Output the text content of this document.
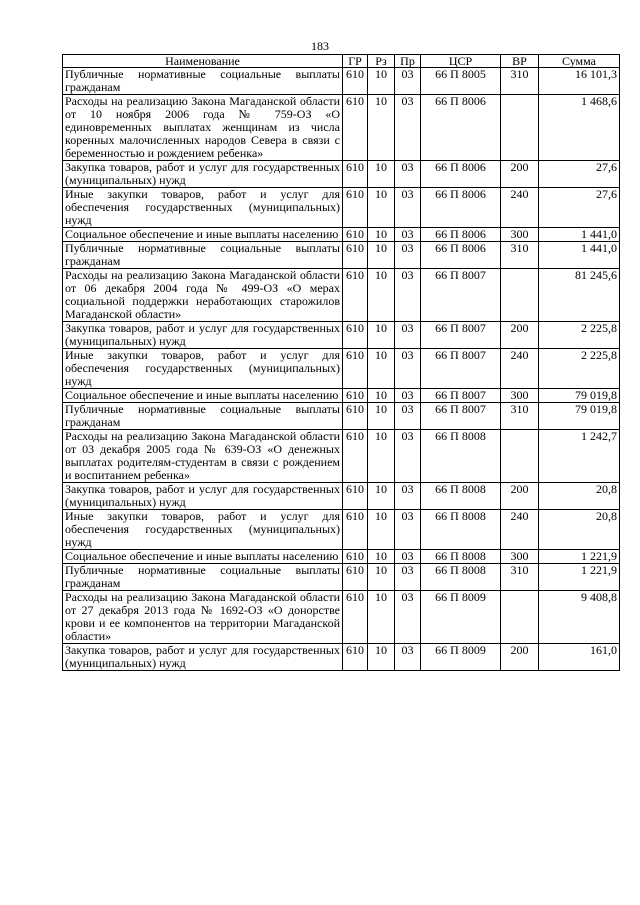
183
Наименование	ГР	Рз	Пр	ЦСР	ВР	Сумма
Публичные нормативные социальные выплаты гражданам	610	10	03	66 П 8005	310	16 101,3
Расходы на реализацию Закона Магаданской области от 10 ноября 2006 года № 759-ОЗ «О единовременных выплатах женщинам из числа коренных малочисленных народов Севера в связи с беременностью и рождением ребенка»	610	10	03	66 П 8006		1 468,6
Закупка товаров, работ и услуг для государственных (муниципальных) нужд	610	10	03	66 П 8006	200	27,6
Иные закупки товаров, работ и услуг для обеспечения государственных (муниципальных) нужд	610	10	03	66 П 8006	240	27,6
Социальное обеспечение и иные выплаты населению	610	10	03	66 П 8006	300	1 441,0
Публичные нормативные социальные выплаты гражданам	610	10	03	66 П 8006	310	1 441,0
Расходы на реализацию Закона Магаданской области от 06 декабря 2004 года № 499-ОЗ «О мерах социальной поддержки неработающих старожилов Магаданской области»	610	10	03	66 П 8007		81 245,6
Закупка товаров, работ и услуг для государственных (муниципальных) нужд	610	10	03	66 П 8007	200	2 225,8
Иные закупки товаров, работ и услуг для обеспечения государственных (муниципальных) нужд	610	10	03	66 П 8007	240	2 225,8
Социальное обеспечение и иные выплаты населению	610	10	03	66 П 8007	300	79 019,8
Публичные нормативные социальные выплаты гражданам	610	10	03	66 П 8007	310	79 019,8
Расходы на реализацию Закона Магаданской области от 03 декабря 2005 года № 639-ОЗ «О денежных выплатах родителям-студентам в связи с рождением и воспитанием ребенка»	610	10	03	66 П 8008		1 242,7
Закупка товаров, работ и услуг для государственных (муниципальных) нужд	610	10	03	66 П 8008	200	20,8
Иные закупки товаров, работ и услуг для обеспечения государственных (муниципальных) нужд	610	10	03	66 П 8008	240	20,8
Социальное обеспечение и иные выплаты населению	610	10	03	66 П 8008	300	1 221,9
Публичные нормативные социальные выплаты гражданам	610	10	03	66 П 8008	310	1 221,9
Расходы на реализацию Закона Магаданской области от 27 декабря 2013 года № 1692-ОЗ «О донорстве крови и ее компонентов на территории Магаданской области»	610	10	03	66 П 8009		9 408,8
Закупка товаров, работ и услуг для государственных (муниципальных) нужд	610	10	03	66 П 8009	200	161,0
